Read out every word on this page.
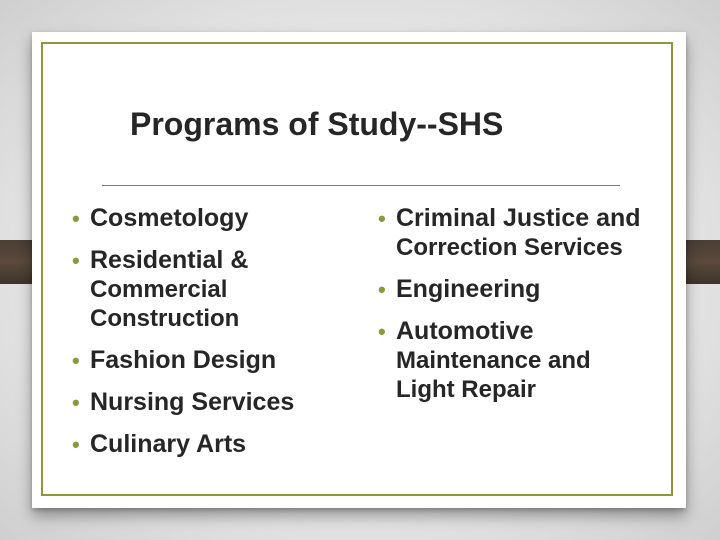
Programs of Study--SHS
• Cosmetology
• Residential &
Commercial
Construction
• Fashion Design
• Nursing Services
• Culinary Arts
• Criminal Justice and
Correction Services
• Engineering
• Automotive
Maintenance and
Light Repair
